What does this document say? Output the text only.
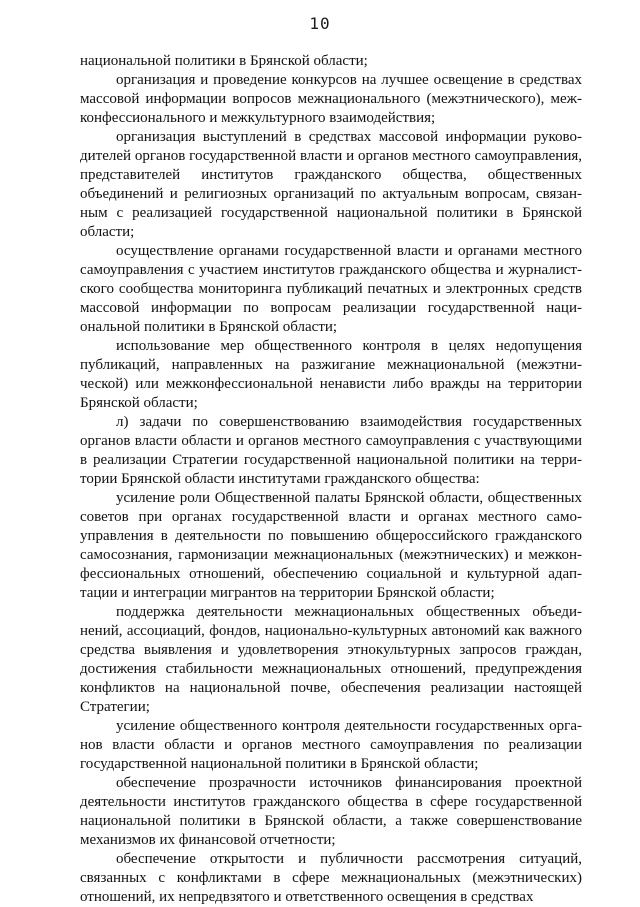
10

национальной политики в Брянской области;

организация и проведение конкурсов на лучшее освещение в средствах массовой информации вопросов межнационального (межэтнического), межконфессионального и межкультурного взаимодействия;

организация выступлений в средствах массовой информации руководителей органов государственной власти и органов местного самоуправления, представителей институтов гражданского общества, общественных объединений и религиозных организаций по актуальным вопросам, связанным с реализацией государственной национальной политики в Брянской области;

осуществление органами государственной власти и органами местного самоуправления с участием институтов гражданского общества и журналистского сообщества мониторинга публикаций печатных и электронных средств массовой информации по вопросам реализации государственной национальной политики в Брянской области;

использование мер общественного контроля в целях недопущения публикаций, направленных на разжигание межнациональной (межэтнической) или межконфессиональной ненависти либо вражды на территории Брянской области;

л) задачи по совершенствованию взаимодействия государственных органов власти области и органов местного самоуправления с участвующими в реализации Стратегии государственной национальной политики на территории Брянской области институтами гражданского общества:

усиление роли Общественной палаты Брянской области, общественных советов при органах государственной власти и органах местного самоуправления в деятельности по повышению общероссийского гражданского самосознания, гармонизации межнациональных (межэтнических) и межконфессиональных отношений, обеспечению социальной и культурной адаптации и интеграции мигрантов на территории Брянской области;

поддержка деятельности межнациональных общественных объединений, ассоциаций, фондов, национально-культурных автономий как важного средства выявления и удовлетворения этнокультурных запросов граждан, достижения стабильности межнациональных отношений, предупреждения конфликтов на национальной почве, обеспечения реализации настоящей Стратегии;

усиление общественного контроля деятельности государственных органов власти области и органов местного самоуправления по реализации государственной национальной политики в Брянской области;

обеспечение прозрачности источников финансирования проектной деятельности институтов гражданского общества в сфере государственной национальной политики в Брянской области, а также совершенствование механизмов их финансовой отчетности;

обеспечение открытости и публичности рассмотрения ситуаций, связанных с конфликтами в сфере межнациональных (межэтнических) отношений, их непредвзятого и ответственного освещения в средствах
